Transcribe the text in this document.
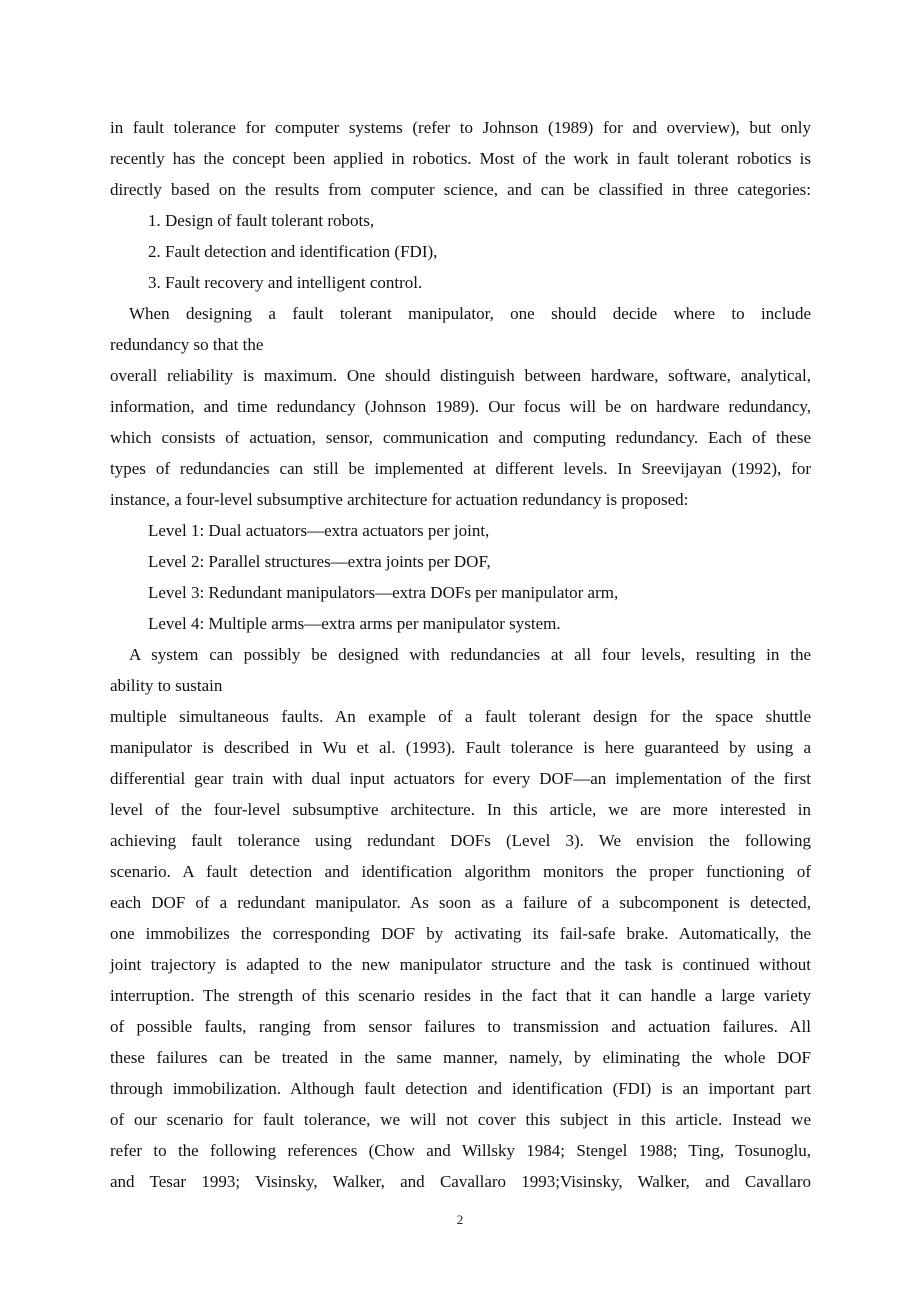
in fault tolerance for computer systems (refer to Johnson (1989) for and overview), but only
recently has the concept been applied in robotics. Most of the work in fault tolerant robotics is
directly based on the results from computer science, and can be classified in three categories:
1. Design of fault tolerant robots,
2. Fault detection and identification (FDI),
3. Fault recovery and intelligent control.
When designing a fault tolerant manipulator, one should decide where to include
redundancy so that the
overall reliability is maximum. One should distinguish between hardware, software, analytical,
information, and time redundancy (Johnson 1989). Our focus will be on hardware redundancy,
which consists of actuation, sensor, communication and computing redundancy. Each of these
types of redundancies can still be implemented at different levels. In Sreevijayan (1992), for
instance, a four-level subsumptive architecture for actuation redundancy is proposed:
Level 1: Dual actuators—extra actuators per joint,
Level 2: Parallel structures—extra joints per DOF,
Level 3: Redundant manipulators—extra DOFs per manipulator arm,
Level 4: Multiple arms—extra arms per manipulator system.
A system can possibly be designed with redundancies at all four levels, resulting in the
ability to sustain
multiple simultaneous faults. An example of a fault tolerant design for the space shuttle
manipulator is described in Wu et al. (1993). Fault tolerance is here guaranteed by using a
differential gear train with dual input actuators for every DOF—an implementation of the first
level of the four-level subsumptive architecture. In this article, we are more interested in
achieving fault tolerance using redundant DOFs (Level 3). We envision the following
scenario. A fault detection and identification algorithm monitors the proper functioning of
each DOF of a redundant manipulator. As soon as a failure of a subcomponent is detected,
one immobilizes the corresponding DOF by activating its fail-safe brake. Automatically, the
joint trajectory is adapted to the new manipulator structure and the task is continued without
interruption. The strength of this scenario resides in the fact that it can handle a large variety
of possible faults, ranging from sensor failures to transmission and actuation failures. All
these failures can be treated in the same manner, namely, by eliminating the whole DOF
through immobilization. Although fault detection and identification (FDI) is an important part
of our scenario for fault tolerance, we will not cover this subject in this article. Instead we
refer to the following references (Chow and Willsky 1984; Stengel 1988; Ting, Tosunoglu,
and Tesar 1993; Visinsky, Walker, and Cavallaro 1993;Visinsky, Walker, and Cavallaro
2
